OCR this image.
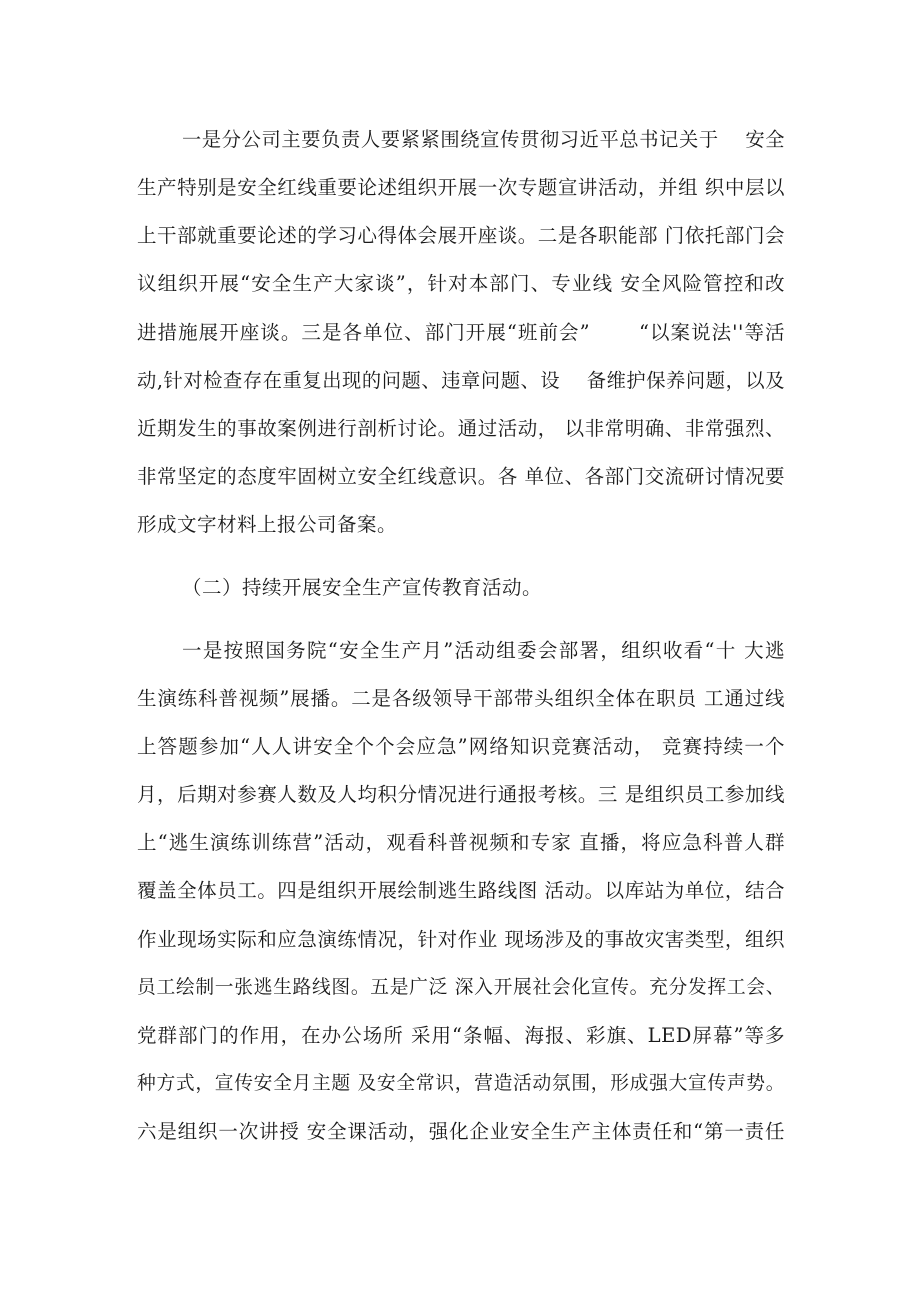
一是分公司主要负责人要紧紧围绕宣传贯彻习近平总书记关于　 安全
生产特别是安全红线重要论述组织开展一次专题宣讲活动，并组 织中层以
上干部就重要论述的学习心得体会展开座谈。二是各职能部 门依托部门会
议组织开展“安全生产大家谈”，针对本部门、专业线 安全风险管控和改
进措施展开座谈。三是各单位、部门开展“班前会”　　 “以案说法''等活
动,针对检查存在重复出现的问题、违章问题、设　 备维护保养问题，以及
近期发生的事故案例进行剖析讨论。通过活动， 以非常明确、非常强烈、
非常坚定的态度牢固树立安全红线意识。各 单位、各部门交流研讨情况要
形成文字材料上报公司备案。
（二）持续开展安全生产宣传教育活动。
一是按照国务院“安全生产月”活动组委会部署，组织收看“十 大逃
生演练科普视频”展播。二是各级领导干部带头组织全体在职员 工通过线
上答题参加“人人讲安全个个会应急”网络知识竞赛活动， 竞赛持续一个
月，后期对参赛人数及人均积分情况进行通报考核。三 是组织员工参加线
上“逃生演练训练营”活动，观看科普视频和专家 直播，将应急科普人群
覆盖全体员工。四是组织开展绘制逃生路线图 活动。以库站为单位，结合
作业现场实际和应急演练情况，针对作业 现场涉及的事故灾害类型，组织
员工绘制一张逃生路线图。五是广泛 深入开展社会化宣传。充分发挥工会、
党群部门的作用，在办公场所 采用“条幅、海报、彩旗、LED屏幕”等多
种方式，宣传安全月主题 及安全常识，营造活动氛围，形成强大宣传声势。
六是组织一次讲授 安全课活动，强化企业安全生产主体责任和“第一责任
